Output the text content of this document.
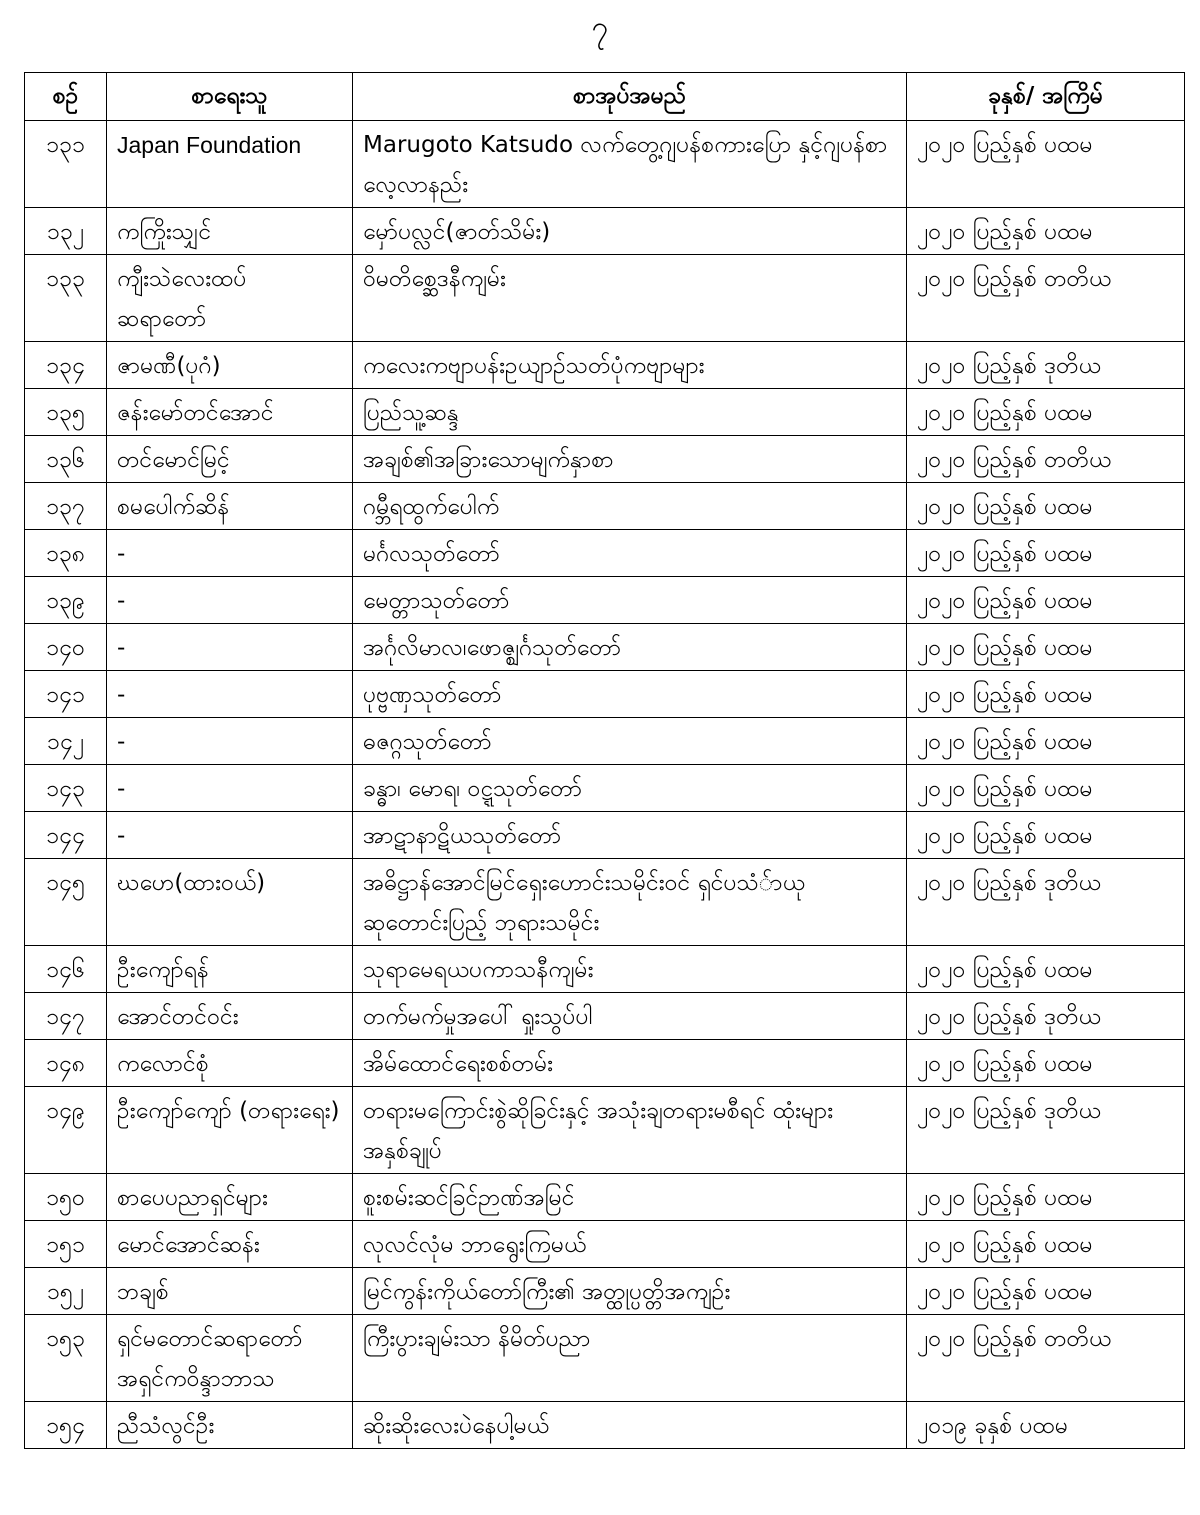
၇
စဉ်	စာရေးသူ	စာအုပ်အမည်	ခုနှစ်/ အကြိမ်
၁၃၁	Japan Foundation	Marugoto Katsudo လက်တွေ့ဂျပန်စကားပြော နှင့်ဂျပန်စာလေ့လာနည်း	၂၀၂၀ ပြည့်နှစ် ပထမ
၁၃၂	ကကြိုးသျှင်	မှော်ပလ္လင်(ဇာတ်သိမ်း)	၂၀၂၀ ပြည့်နှစ် ပထမ
၁၃၃	ကျီးသဲလေးထပ် ဆရာတော်	ဝိမတိစ္ဆေဒနီကျမ်း	၂၀၂၀ ပြည့်နှစ် တတိယ
၁၃၄	ဇာမဏီ(ပုဂံ)	ကလေးကဗျာပန်းဥယျာဉ်သတ်ပုံကဗျာများ	၂၀၂၀ ပြည့်နှစ် ဒုတိယ
၁၃၅	ဇန်းမော်တင်အောင်	ပြည်သူ့ဆန္ဒ	၂၀၂၀ ပြည့်နှစ် ပထမ
၁၃၆	တင်မောင်မြင့်	အချစ်၏အခြားသောမျက်နှာစာ	၂၀၂၀ ပြည့်နှစ် တတိယ
၁၃၇	စမပေါက်ဆိန်	ဂမ္ဘီရထွက်ပေါက်	၂၀၂၀ ပြည့်နှစ် ပထမ
၁၃၈	-	မင်္ဂလသုတ်တော်	၂၀၂၀ ပြည့်နှစ် ပထမ
၁၃၉	-	မေတ္တာသုတ်တော်	၂၀၂၀ ပြည့်နှစ် ပထမ
၁၄၀	-	အင်္ဂုလိမာလ၊ဖောဇ္ဈင်္ဂသုတ်တော်	၂၀၂၀ ပြည့်နှစ် ပထမ
၁၄၁	-	ပုဗ္ဗဏှသုတ်တော်	၂၀၂၀ ပြည့်နှစ် ပထမ
၁၄၂	-	ဓဇဂ္ဂသုတ်တော်	၂၀၂၀ ပြည့်နှစ် ပထမ
၁၄၃	-	ခန္ဓာ၊ မောရ၊ ဝဋ္ဋသုတ်တော်	၂၀၂၀ ပြည့်နှစ် ပထမ
၁၄၄	-	အာဋာနာဋိယသုတ်တော်	၂၀၂၀ ပြည့်နှစ် ပထမ
၁၄၅	ဃဟေ(ထားဝယ်)	အဓိဋ္ဌာန်အောင်မြင်ရှေးဟောင်းသမိုင်းဝင် ရှင်ပသံ်ာယု ဆုတောင်းပြည့် ဘုရားသမိုင်း	၂၀၂၀ ပြည့်နှစ် ဒုတိယ
၁၄၆	ဦးကျော်ရန်	သုရာမေရယပကာသနီကျမ်း	၂၀၂၀ ပြည့်နှစ် ပထမ
၁၄၇	အောင်တင်ဝင်း	တက်မက်မှုအပေါ် ရှုးသွပ်ပါ	၂၀၂၀ ပြည့်နှစ် ဒုတိယ
၁၄၈	ကလောင်စုံ	အိမ်ထောင်ရေးစစ်တမ်း	၂၀၂၀ ပြည့်နှစ် ပထမ
၁၄၉	ဦးကျော်ကျော် (တရားရေး)	တရားမကြောင်းစွဲဆိုခြင်းနှင့် အသုံးချတရားမစီရင် ထုံးများအနှစ်ချုပ်	၂၀၂၀ ပြည့်နှစ် ဒုတိယ
၁၅၀	စာပေပညာရှင်များ	စူးစမ်းဆင်ခြင်ဉာဏ်အမြင်	၂၀၂၀ ပြည့်နှစ် ပထမ
၁၅၁	မောင်အောင်ဆန်း	လုလင်လုံမ ဘာရွေးကြမယ်	၂၀၂၀ ပြည့်နှစ် ပထမ
၁၅၂	ဘချစ်	မြင်ကွန်းကိုယ်တော်ကြီး၏ အတ္ထုပ္ပတ္တိအကျဉ်း	၂၀၂၀ ပြည့်နှစ် ပထမ
၁၅၃	ရှင်မတောင်ဆရာတော် အရှင်ကဝိန္ဒာဘာသ	ကြီးပွားချမ်းသာ နိမိတ်ပညာ	၂၀၂၀ ပြည့်နှစ် တတိယ
၁၅၄	ညီသံလွင်ဦး	ဆိုးဆိုးလေးပဲနေပါ့မယ်	၂၀၁၉ ခုနှစ် ပထမ
